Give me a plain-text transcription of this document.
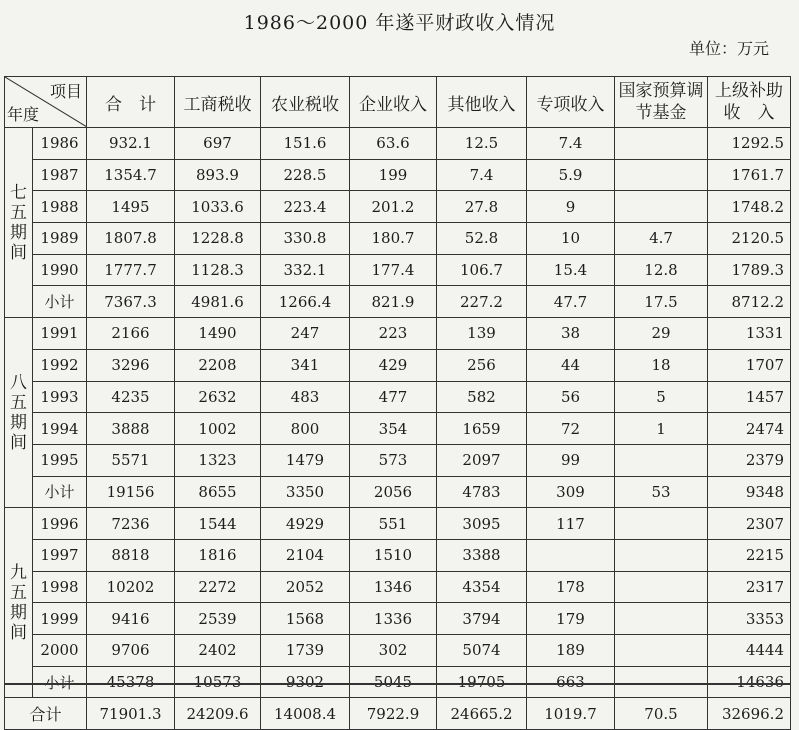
1986～2000 年遂平财政收入情况
单位：万元
项目
年度		合　计	工商税收	农业税收	企业收入	其他收入	专项收入	国家预算调节基金	上级补助收　入
七五期间	1986	932.1	697	151.6	63.6	12.5	7.4		1292.5
	1987	1354.7	893.9	228.5	199	7.4	5.9		1761.7
	1988	1495	1033.6	223.4	201.2	27.8	9		1748.2
	1989	1807.8	1228.8	330.8	180.7	52.8	10	4.7	2120.5
	1990	1777.7	1128.3	332.1	177.4	106.7	15.4	12.8	1789.3
	小计	7367.3	4981.6	1266.4	821.9	227.2	47.7	17.5	8712.2
八五期间	1991	2166	1490	247	223	139	38	29	1331
	1992	3296	2208	341	429	256	44	18	1707
	1993	4235	2632	483	477	582	56	5	1457
	1994	3888	1002	800	354	1659	72	1	2474
	1995	5571	1323	1479	573	2097	99		2379
	小计	19156	8655	3350	2056	4783	309	53	9348
九五期间	1996	7236	1544	4929	551	3095	117		2307
	1997	8818	1816	2104	1510	3388			2215
	1998	10202	2272	2052	1346	4354	178		2317
	1999	9416	2539	1568	1336	3794	179		3353
	2000	9706	2402	1739	302	5074	189		4444
	小计	45378	10573	9302	5045	19705	663		14636
合计		71901.3	24209.6	14008.4	7922.9	24665.2	1019.7	70.5	32696.2
